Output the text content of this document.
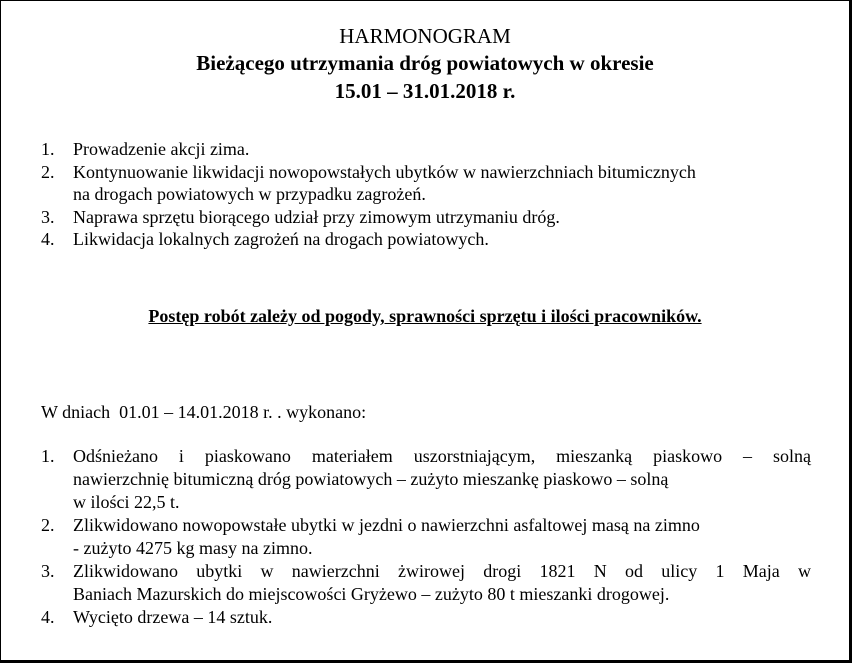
HARMONOGRAM
Bieżącego utrzymania dróg powiatowych w okresie
15.01 – 31.01.2018 r.
1. Prowadzenie akcji zima.
2. Kontynuowanie likwidacji nowopowstałych ubytków w nawierzchniach bitumicznych
na drogach powiatowych w przypadku zagrożeń.
3. Naprawa sprzętu biorącego udział przy zimowym utrzymaniu dróg.
4. Likwidacja lokalnych zagrożeń na drogach powiatowych.
Postęp robót zależy od pogody, sprawności sprzętu i ilości pracowników.
W dniach  01.01 – 14.01.2018 r. . wykonano:
1. Odśnieżano i piaskowano materiałem uszorstniającym, mieszanką piaskowo – solną
nawierzchnię bitumiczną dróg powiatowych – zużyto mieszankę piaskowo – solną
w ilości 22,5 t.
2. Zlikwidowano nowopowstałe ubytki w jezdni o nawierzchni asfaltowej masą na zimno
- zużyto 4275 kg masy na zimno.
3. Zlikwidowano ubytki w nawierzchni żwirowej drogi 1821 N od ulicy 1 Maja w
Baniach Mazurskich do miejscowości Gryżewo – zużyto 80 t mieszanki drogowej.
4. Wycięto drzewa – 14 sztuk.
